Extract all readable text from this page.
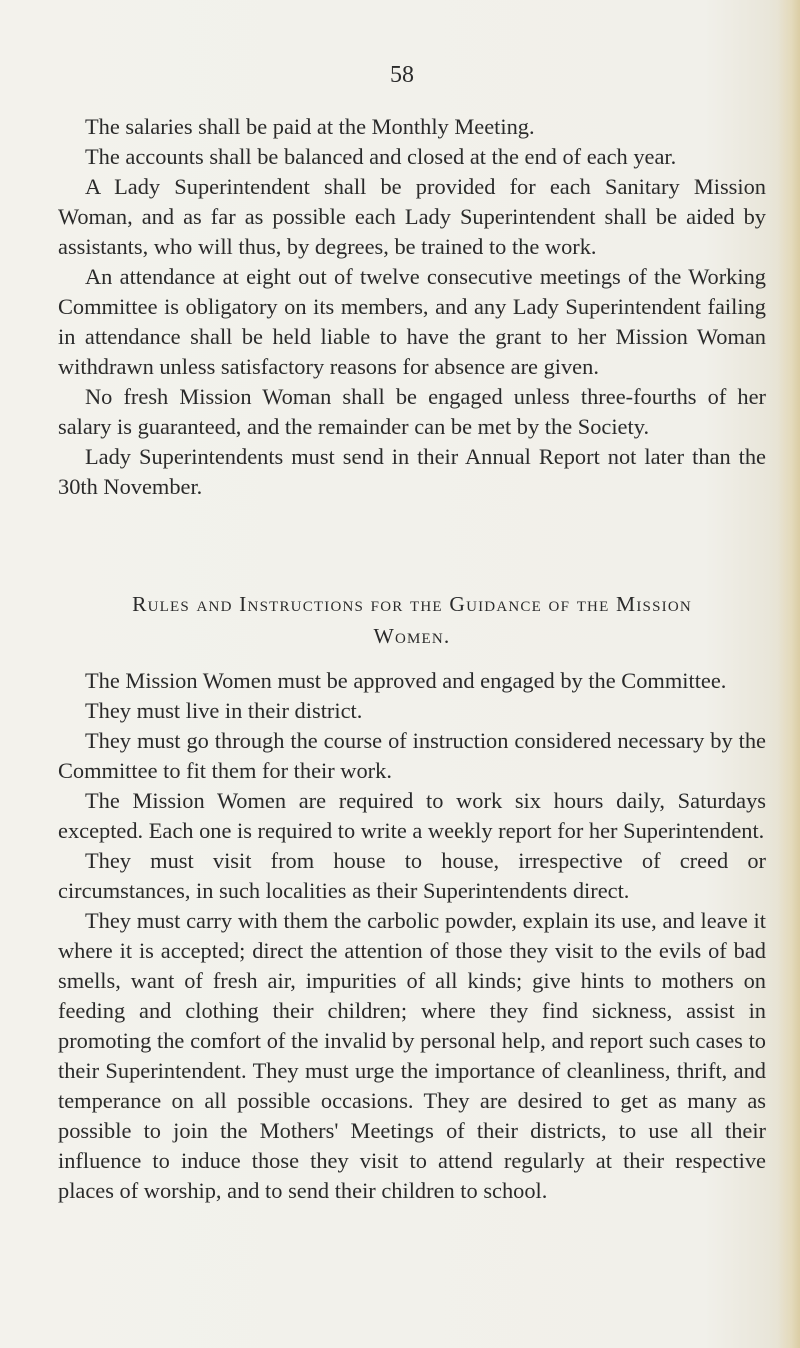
58

The salaries shall be paid at the Monthly Meeting.

The accounts shall be balanced and closed at the end of each year.

A Lady Superintendent shall be provided for each Sanitary Mission Woman, and as far as possible each Lady Superintendent shall be aided by assistants, who will thus, by degrees, be trained to the work.

An attendance at eight out of twelve consecutive meetings of the Working Committee is obligatory on its members, and any Lady Superintendent failing in attendance shall be held liable to have the grant to her Mission Woman withdrawn unless satisfactory reasons for absence are given.

No fresh Mission Woman shall be engaged unless three-fourths of her salary is guaranteed, and the remainder can be met by the Society.

Lady Superintendents must send in their Annual Report not later than the 30th November.

Rules and Instructions for the Guidance of the Mission
Women.

The Mission Women must be approved and engaged by the Committee.

They must live in their district.

They must go through the course of instruction considered necessary by the Committee to fit them for their work.

The Mission Women are required to work six hours daily, Saturdays excepted. Each one is required to write a weekly report for her Superintendent.

They must visit from house to house, irrespective of creed or circumstances, in such localities as their Superintendents direct.

They must carry with them the carbolic powder, explain its use, and leave it where it is accepted; direct the attention of those they visit to the evils of bad smells, want of fresh air, impurities of all kinds; give hints to mothers on feeding and clothing their children; where they find sickness, assist in promoting the comfort of the invalid by personal help, and report such cases to their Superintendent. They must urge the importance of cleanliness, thrift, and temperance on all possible occasions. They are desired to get as many as possible to join the Mothers' Meetings of their districts, to use all their influence to induce those they visit to attend regularly at their respective places of worship, and to send their children to school.
